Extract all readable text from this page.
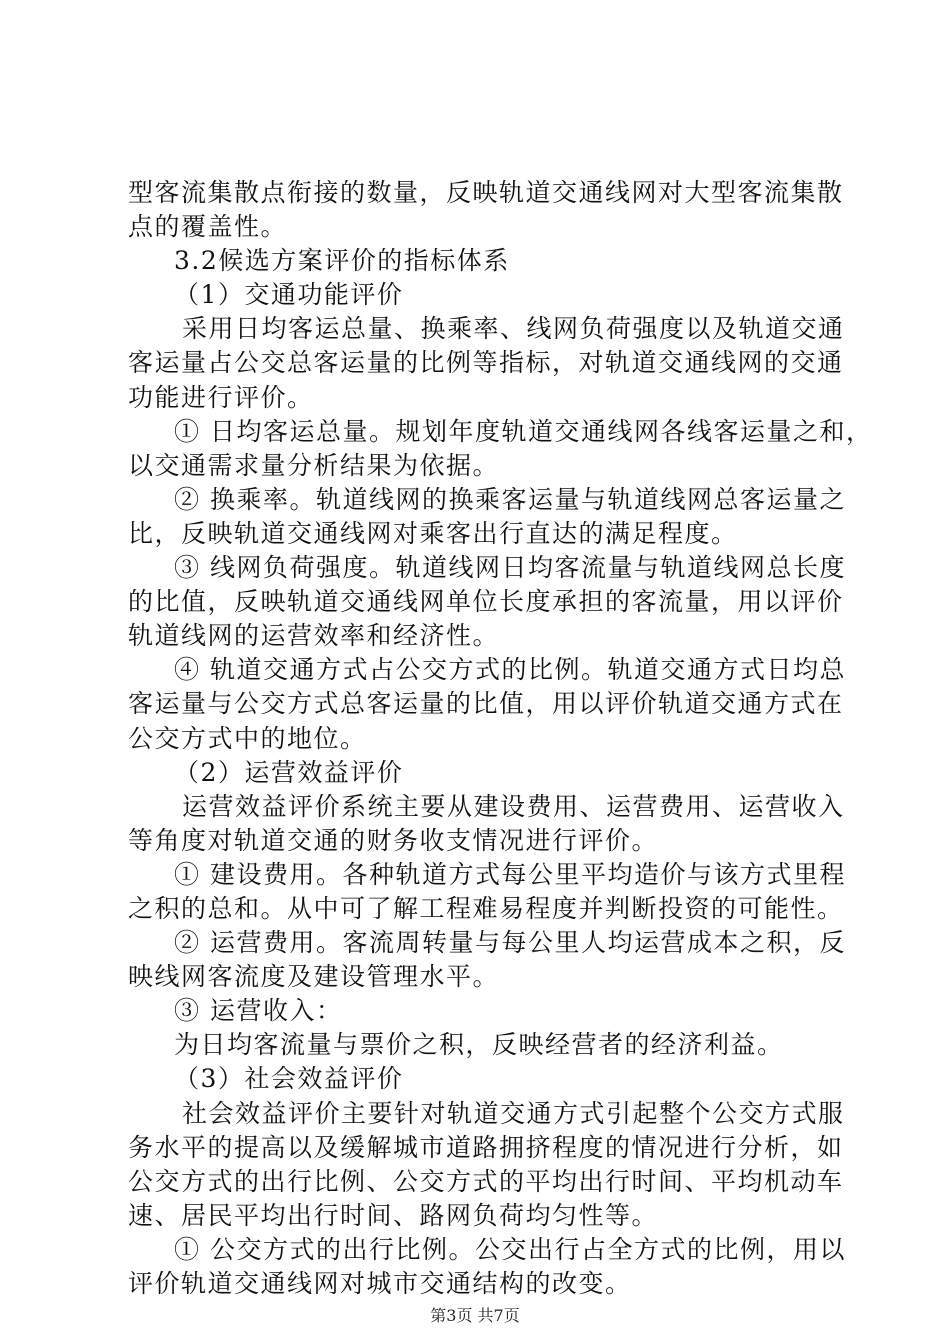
型客流集散点衔接的数量，反映轨道交通线网对大型客流集散

点的覆盖性。

3.2候选方案评价的指标体系

（1）交通功能评价

采用日均客运总量、换乘率、线网负荷强度以及轨道交通

客运量占公交总客运量的比例等指标，对轨道交通线网的交通

功能进行评价。

① 日均客运总量。规划年度轨道交通线网各线客运量之和，

以交通需求量分析结果为依据。

② 换乘率。轨道线网的换乘客运量与轨道线网总客运量之

比，反映轨道交通线网对乘客出行直达的满足程度。

③ 线网负荷强度。轨道线网日均客流量与轨道线网总长度

的比值，反映轨道交通线网单位长度承担的客流量，用以评价

轨道线网的运营效率和经济性。

④ 轨道交通方式占公交方式的比例。轨道交通方式日均总

客运量与公交方式总客运量的比值，用以评价轨道交通方式在

公交方式中的地位。

（2）运营效益评价

运营效益评价系统主要从建设费用、运营费用、运营收入

等角度对轨道交通的财务收支情况进行评价。

① 建设费用。各种轨道方式每公里平均造价与该方式里程

之积的总和。从中可了解工程难易程度并判断投资的可能性。

② 运营费用。客流周转量与每公里人均运营成本之积，反

映线网客流度及建设管理水平。

③ 运营收入：

为日均客流量与票价之积，反映经营者的经济利益。

（3）社会效益评价

社会效益评价主要针对轨道交通方式引起整个公交方式服

务水平的提高以及缓解城市道路拥挤程度的情况进行分析，如

公交方式的出行比例、公交方式的平均出行时间、平均机动车

速、居民平均出行时间、路网负荷均匀性等。

① 公交方式的出行比例。公交出行占全方式的比例，用以

评价轨道交通线网对城市交通结构的改变。

第3页 共7页
